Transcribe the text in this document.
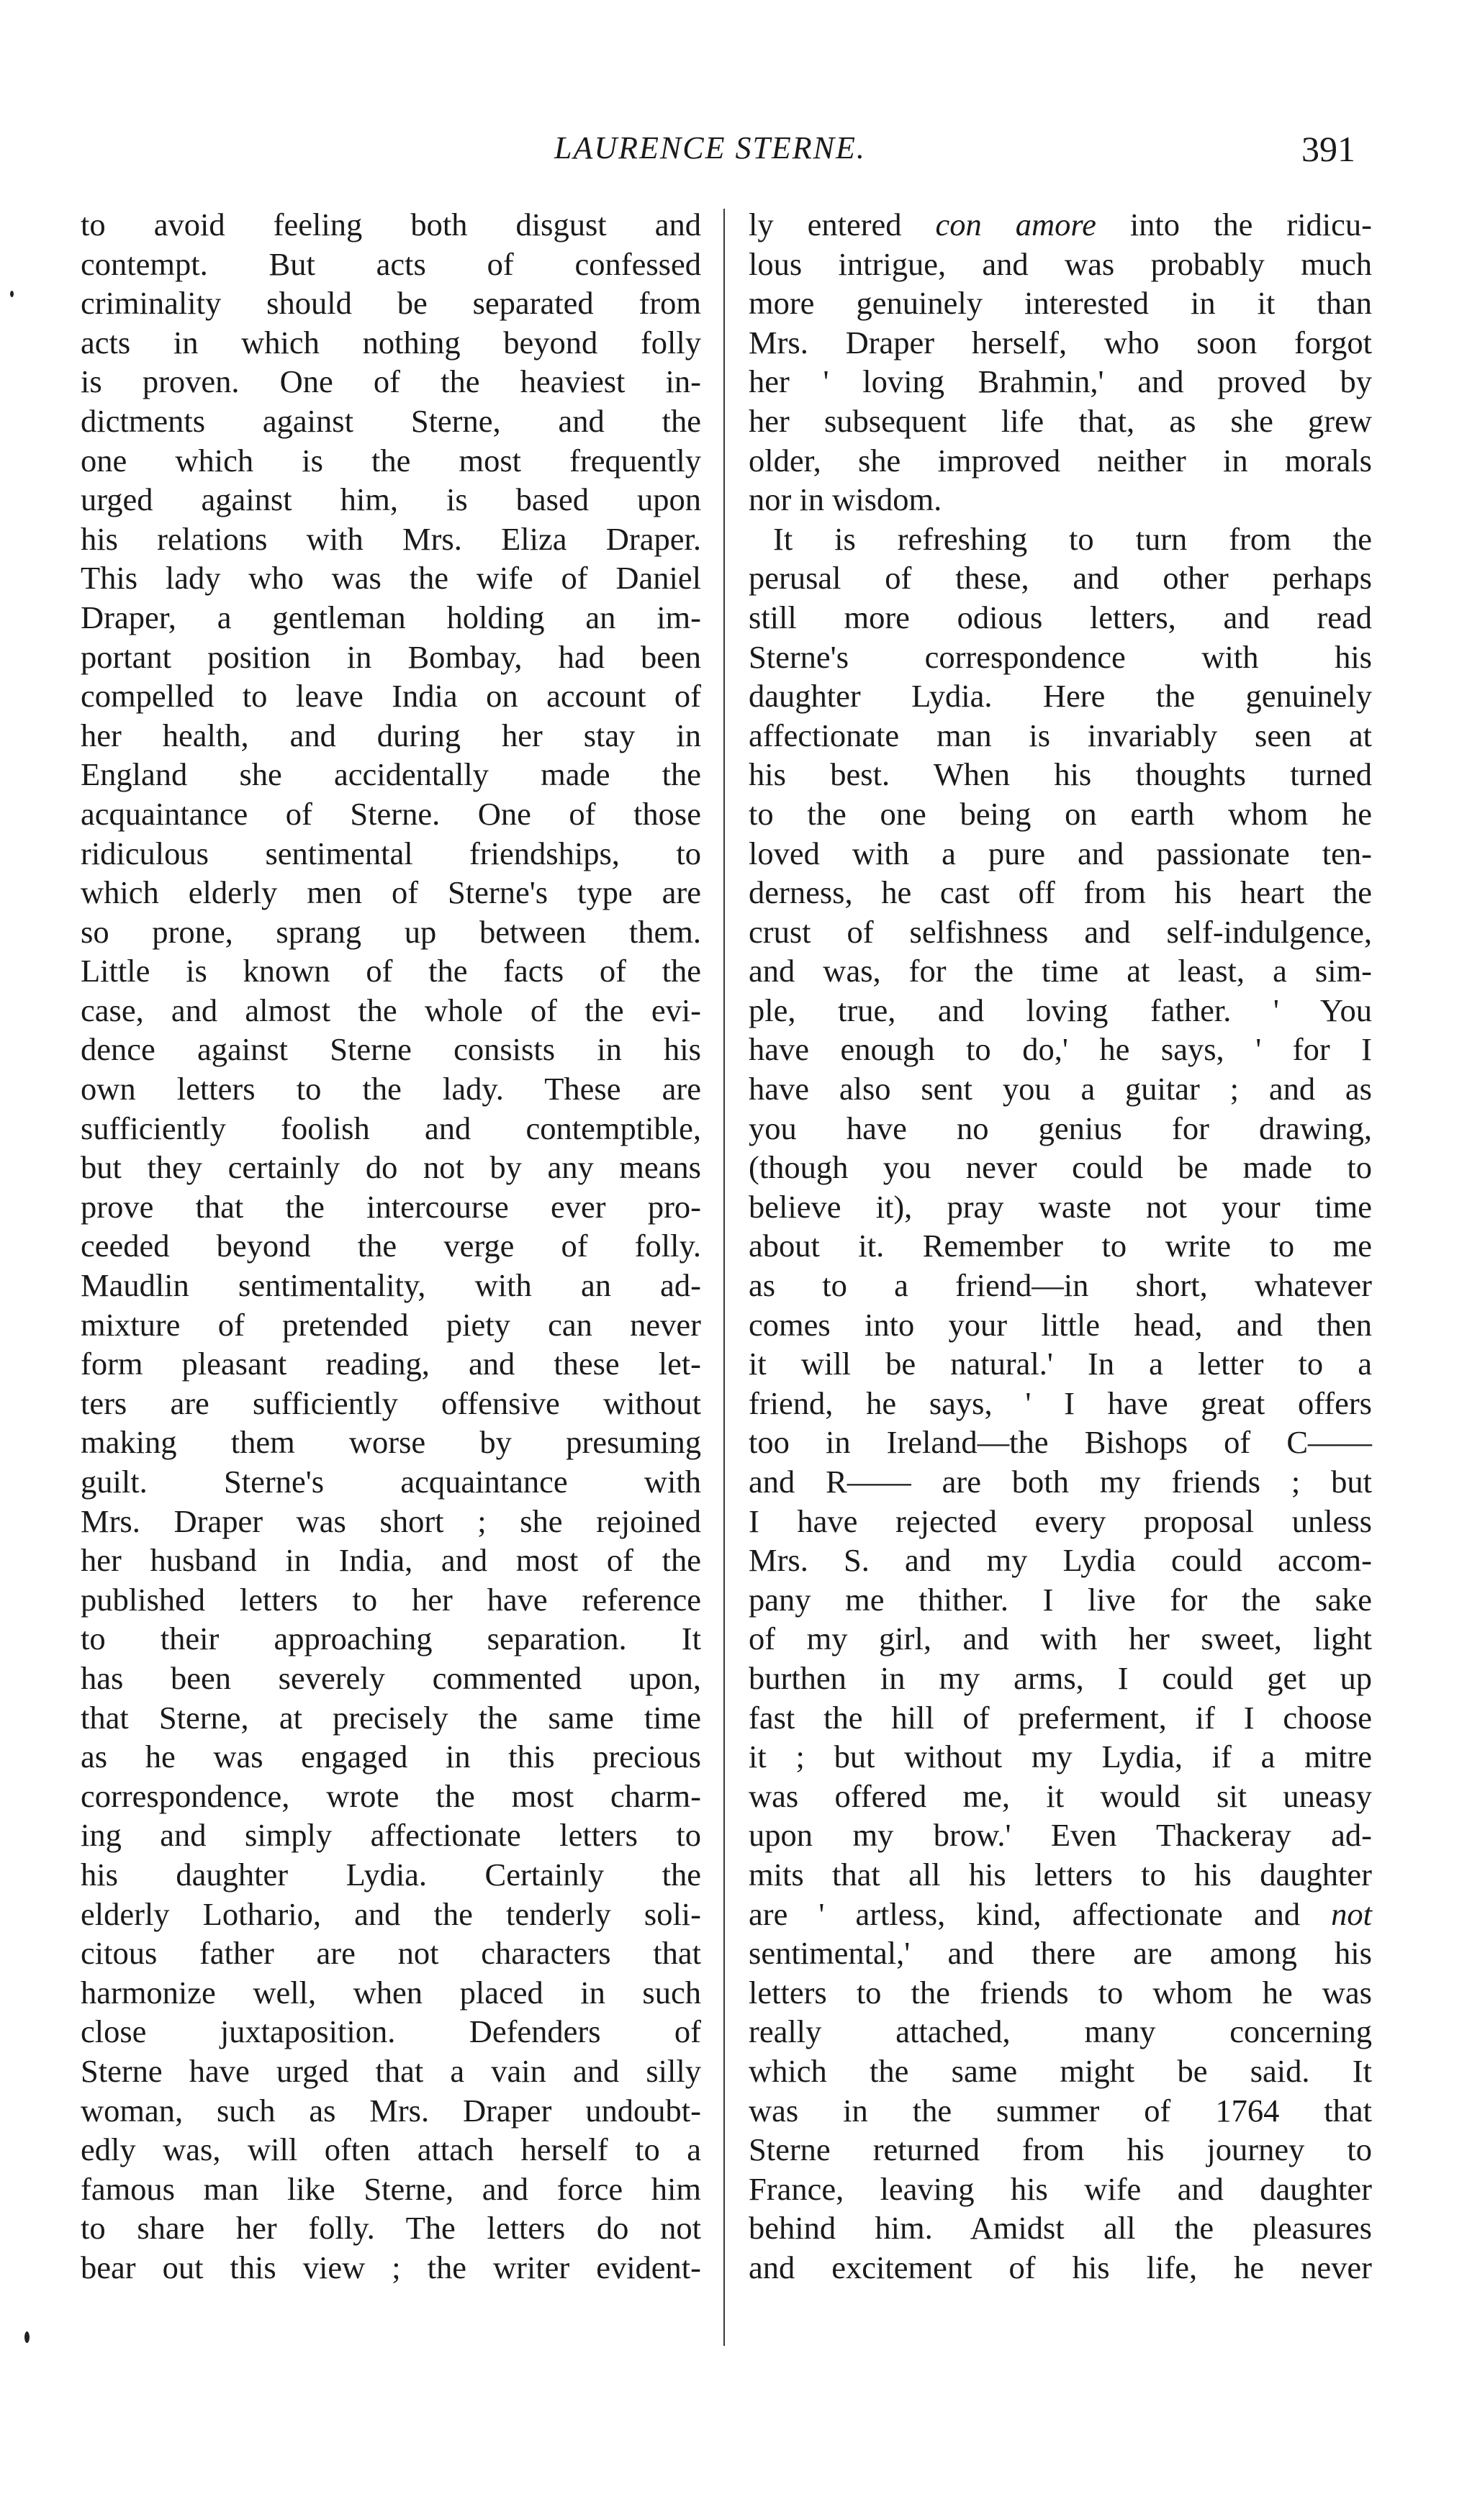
LAURENCE STERNE.	391
to avoid feeling both disgust and
contempt. But acts of confessed
criminality should be separated from
acts in which nothing beyond folly
is proven. One of the heaviest in-
dictments against Sterne, and the
one which is the most frequently
urged against him, is based upon
his relations with Mrs. Eliza Draper.
This lady who was the wife of Daniel
Draper, a gentleman holding an im-
portant position in Bombay, had been
compelled to leave India on account of
her health, and during her stay in
England she accidentally made the
acquaintance of Sterne. One of those
ridiculous sentimental friendships, to
which elderly men of Sterne's type are
so prone, sprang up between them.
Little is known of the facts of the
case, and almost the whole of the evi-
dence against Sterne consists in his
own letters to the lady. These are
sufficiently foolish and contemptible,
but they certainly do not by any means
prove that the intercourse ever pro-
ceeded beyond the verge of folly.
Maudlin sentimentality, with an ad-
mixture of pretended piety can never
form pleasant reading, and these let-
ters are sufficiently offensive without
making them worse by presuming
guilt. Sterne's acquaintance with
Mrs. Draper was short ; she rejoined
her husband in India, and most of the
published letters to her have reference
to their approaching separation. It
has been severely commented upon,
that Sterne, at precisely the same time
as he was engaged in this precious
correspondence, wrote the most charm-
ing and simply affectionate letters to
his daughter Lydia. Certainly the
elderly Lothario, and the tenderly soli-
citous father are not characters that
harmonize well, when placed in such
close juxtaposition. Defenders of
Sterne have urged that a vain and silly
woman, such as Mrs. Draper undoubt-
edly was, will often attach herself to a
famous man like Sterne, and force him
to share her folly. The letters do not
bear out this view ; the writer evident-
ly entered con amore into the ridicu-
lous intrigue, and was probably much
more genuinely interested in it than
Mrs. Draper herself, who soon forgot
her ' loving Brahmin,' and proved by
her subsequent life that, as she grew
older, she improved neither in morals
nor in wisdom.
It is refreshing to turn from the
perusal of these, and other perhaps
still more odious letters, and read
Sterne's correspondence with his
daughter Lydia. Here the genuinely
affectionate man is invariably seen at
his best. When his thoughts turned
to the one being on earth whom he
loved with a pure and passionate ten-
derness, he cast off from his heart the
crust of selfishness and self-indulgence,
and was, for the time at least, a sim-
ple, true, and loving father. ' You
have enough to do,' he says, ' for I
have also sent you a guitar ; and as
you have no genius for drawing,
(though you never could be made to
believe it), pray waste not your time
about it. Remember to write to me
as to a friend—in short, whatever
comes into your little head, and then
it will be natural.' In a letter to a
friend, he says, ' I have great offers
too in Ireland—the Bishops of C——
and R—— are both my friends ; but
I have rejected every proposal unless
Mrs. S. and my Lydia could accom-
pany me thither. I live for the sake
of my girl, and with her sweet, light
burthen in my arms, I could get up
fast the hill of preferment, if I choose
it ; but without my Lydia, if a mitre
was offered me, it would sit uneasy
upon my brow.' Even Thackeray ad-
mits that all his letters to his daughter
are ' artless, kind, affectionate and not
sentimental,' and there are among his
letters to the friends to whom he was
really attached, many concerning
which the same might be said. It
was in the summer of 1764 that
Sterne returned from his journey to
France, leaving his wife and daughter
behind him. Amidst all the pleasures
and excitement of his life, he never
